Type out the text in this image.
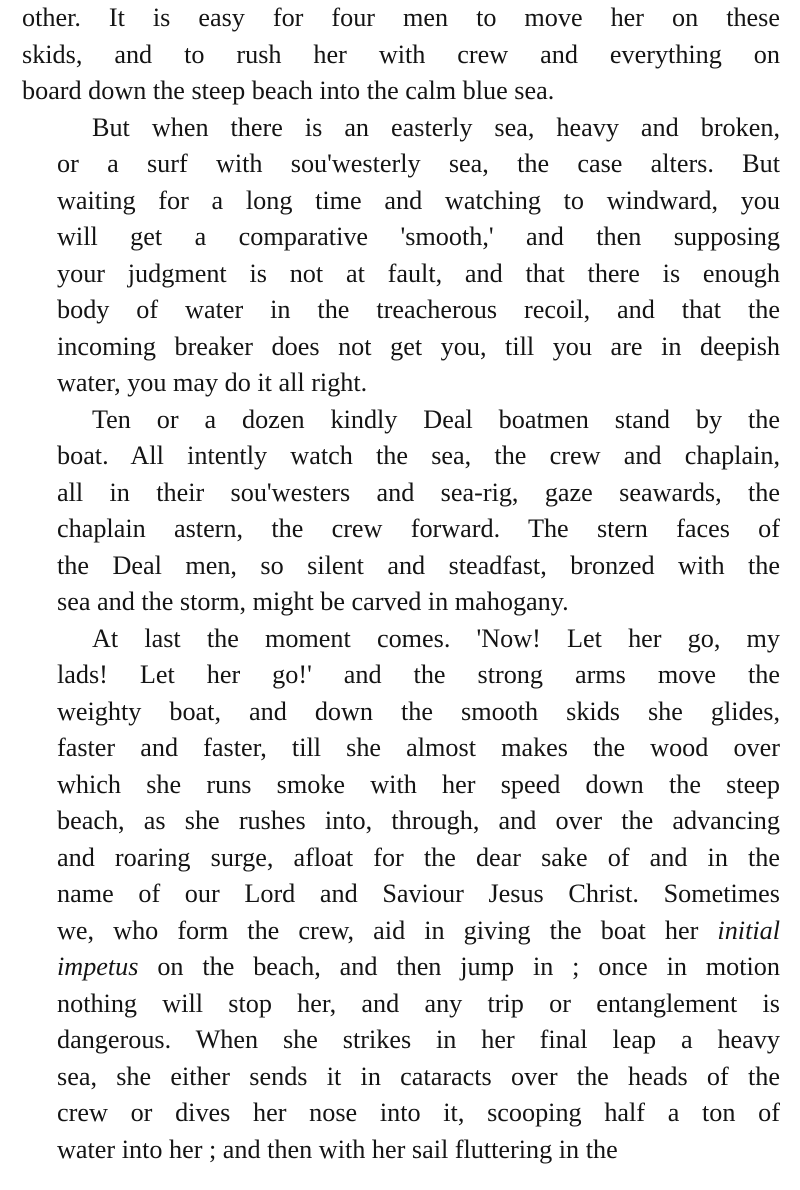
other. It is easy for four men to move her on these
skids, and to rush her with crew and everything on
board down the steep beach into the calm blue sea.
But when there is an easterly sea, heavy and broken,
or a surf with sou'westerly sea, the case alters. But
waiting for a long time and watching to windward, you
will get a comparative 'smooth,' and then supposing
your judgment is not at fault, and that there is enough
body of water in the treacherous recoil, and that the
incoming breaker does not get you, till you are in deepish
water, you may do it all right.
Ten or a dozen kindly Deal boatmen stand by the
boat. All intently watch the sea, the crew and chaplain,
all in their sou'westers and sea-rig, gaze seawards, the
chaplain astern, the crew forward. The stern faces of
the Deal men, so silent and steadfast, bronzed with the
sea and the storm, might be carved in mahogany.
At last the moment comes. 'Now! Let her go, my
lads! Let her go!' and the strong arms move the
weighty boat, and down the smooth skids she glides,
faster and faster, till she almost makes the wood over
which she runs smoke with her speed down the steep
beach, as she rushes into, through, and over the advancing
and roaring surge, afloat for the dear sake of and in the
name of our Lord and Saviour Jesus Christ. Sometimes
we, who form the crew, aid in giving the boat her initial
impetus on the beach, and then jump in ; once in motion
nothing will stop her, and any trip or entanglement is
dangerous. When she strikes in her final leap a heavy
sea, she either sends it in cataracts over the heads of the
crew or dives her nose into it, scooping half a ton of
water into her ; and then with her sail fluttering in the
